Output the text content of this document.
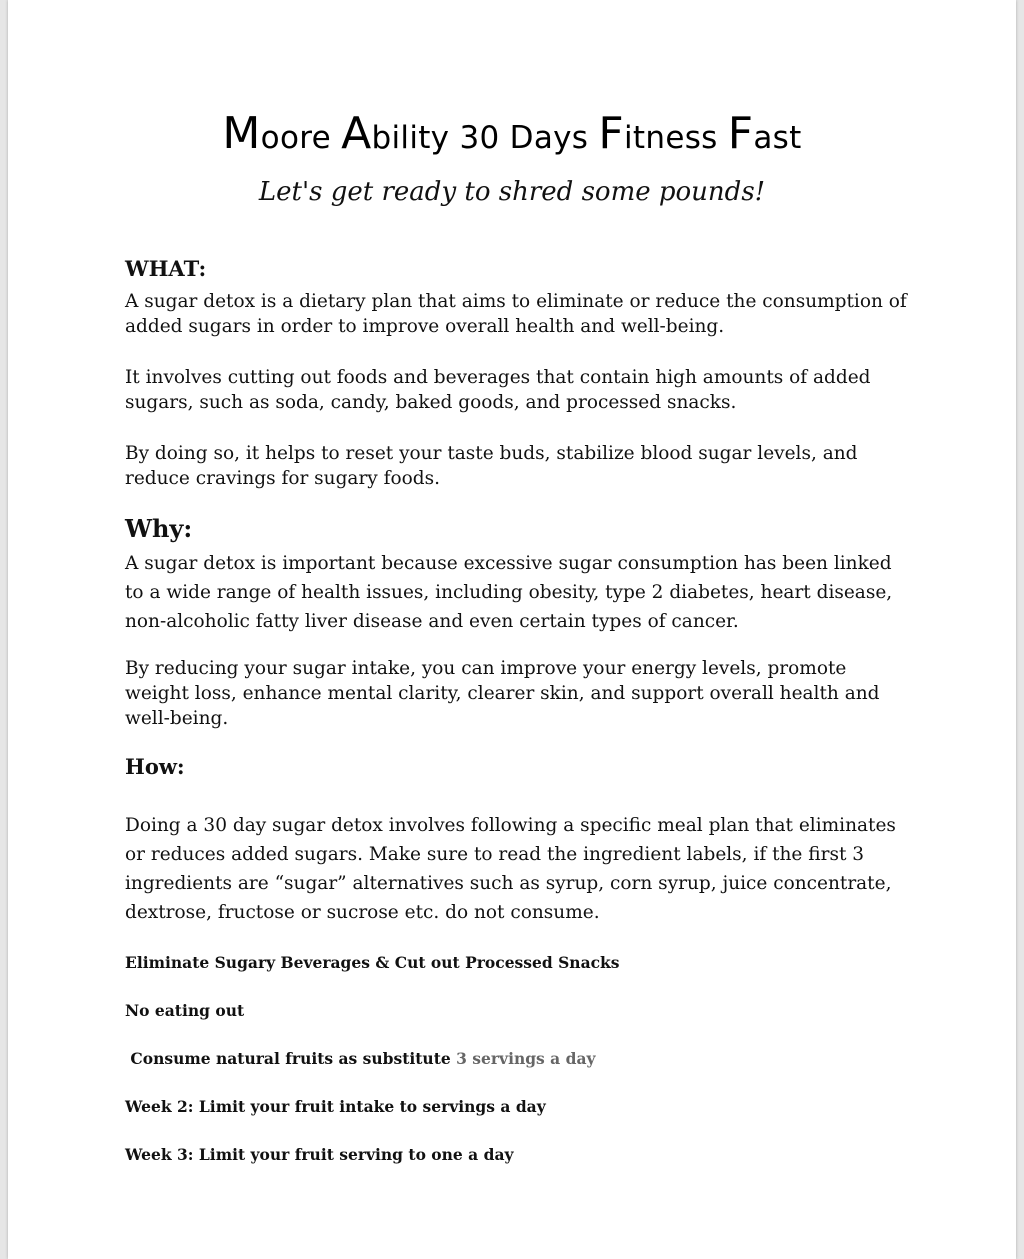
Moore Ability 30 Days Fitness Fast
Let's get ready to shred some pounds!
WHAT:

A sugar detox is a dietary plan that aims to eliminate or reduce the consumption of added sugars in order to improve overall health and well-being.

It involves cutting out foods and beverages that contain high amounts of added sugars, such as soda, candy, baked goods, and processed snacks.

By doing so, it helps to reset your taste buds, stabilize blood sugar levels, and reduce cravings for sugary foods.

Why:

A sugar detox is important because excessive sugar consumption has been linked to a wide range of health issues, including obesity, type 2 diabetes, heart disease, non-alcoholic fatty liver disease and even certain types of cancer.

By reducing your sugar intake, you can improve your energy levels, promote weight loss, enhance mental clarity, clearer skin, and support overall health and well-being.

How:

Doing a 30 day sugar detox involves following a specific meal plan that eliminates or reduces added sugars. Make sure to read the ingredient labels, if the first 3 ingredients are “sugar” alternatives such as syrup, corn syrup, juice concentrate, dextrose, fructose or sucrose etc. do not consume.

Eliminate Sugary Beverages & Cut out Processed Snacks
No eating out
Consume natural fruits as substitute 3 servings a day
Week 2: Limit your fruit intake to servings a day
Week 3: Limit your fruit serving to one a day
